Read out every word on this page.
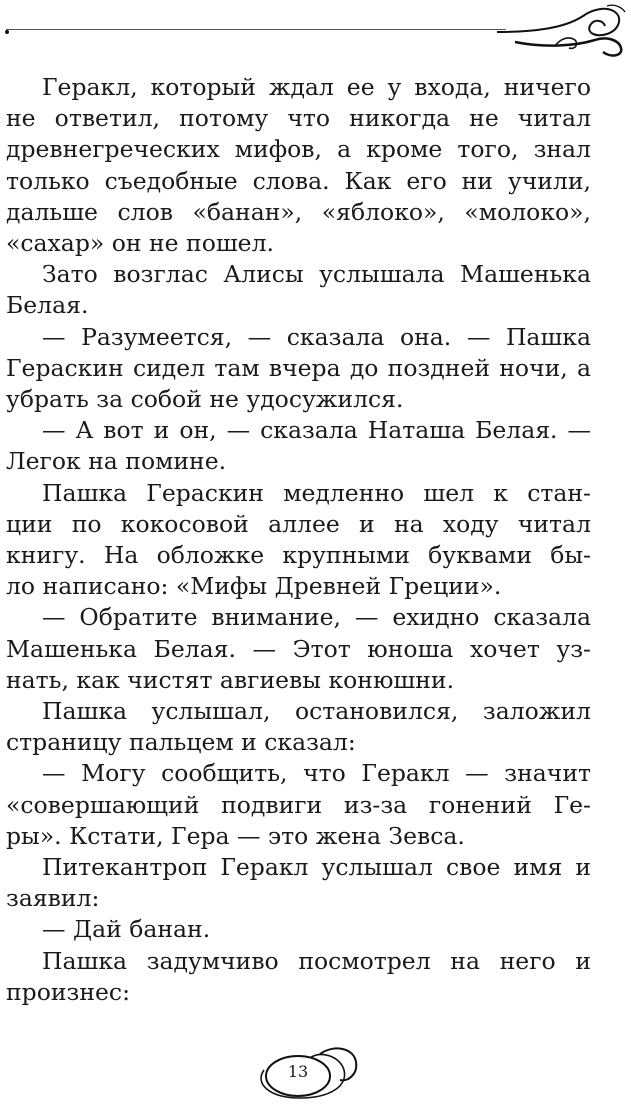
Геракл, который ждал ее у входа, ничего
не ответил, потому что никогда не читал
древнегреческих мифов, а кроме того, знал
только съедобные слова. Как его ни учили,
дальше слов «банан», «яблоко», «молоко»,
«сахар» он не пошел.

Зато возглас Алисы услышала Машенька
Белая.

— Разумеется, — сказала она. — Пашка
Гераскин сидел там вчера до поздней ночи, а
убрать за собой не удосужился.

— А вот и он, — сказала Наташа Белая. —
Легок на помине.

Пашка Гераскин медленно шел к стан-
ции по кокосовой аллее и на ходу читал
книгу. На обложке крупными буквами бы-
ло написано: «Мифы Древней Греции».

— Обратите внимание, — ехидно сказала
Машенька Белая. — Этот юноша хочет уз-
нать, как чистят авгиевы конюшни.

Пашка услышал, остановился, заложил
страницу пальцем и сказал:

— Могу сообщить, что Геракл — значит
«совершающий подвиги из-за гонений Ге-
ры». Кстати, Гера — это жена Зевса.

Питекантроп Геракл услышал свое имя и
заявил:

— Дай банан.

Пашка задумчиво посмотрел на него и
произнес:

13
